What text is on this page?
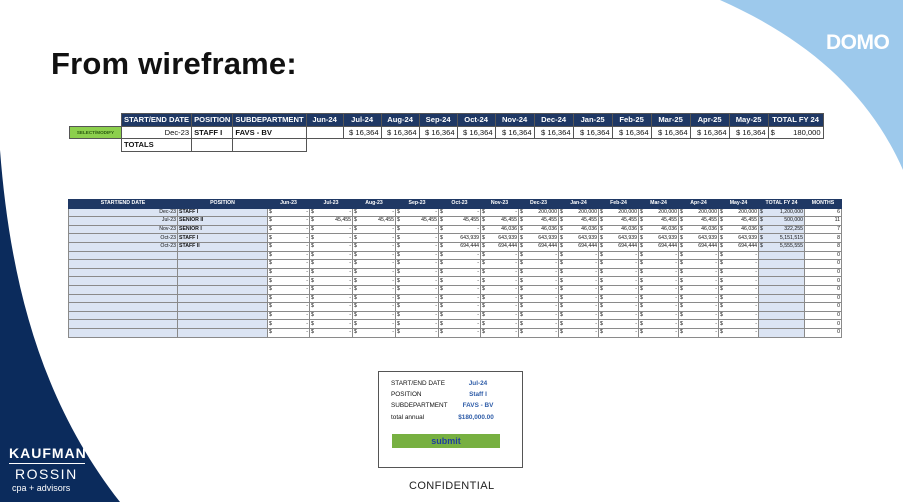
From wireframe:
DOMO
	START/END DATE	POSITION	SUBDEPARTMENT	Jun-24	Jul-24	Aug-24	Sep-24	Oct-24	Nov-24	Dec-24	Jan-25	Feb-25	Mar-25	Apr-25	May-25	TOTAL FY 24
SELECT/MODIFY	Dec-23	STAFF I	FAVS - BV		$ 16,364	$ 16,364	$ 16,364	$ 16,364	$ 16,364	$ 16,364	$ 16,364	$ 16,364	$ 16,364	$ 16,364	$ 16,364	$ 180,000

	TOTALS															
START/END DATE	POSITION	Jun-23	Jul-23	Aug-23	Sep-23	Oct-23	Nov-23	Dec-23	Jan-24	Feb-24	Mar-24	Apr-24	May-24	TOTAL FY 24	MONTHS
Dec-23	STAFF I	$ -	$ -	$ -	$ -	$ -	$ -	$ 200,000	$ 200,000	$ 200,000	$ 200,000	$ 200,000	$ 200,000	$ 1,200,000	6
Jul-23	SENIOR II	$ -	$ 45,455	$ 45,455	$ 45,455	$ 45,455	$ 45,455	$ 45,455	$ 45,455	$ 45,455	$ 45,455	$ 45,455	$ 45,455	$ 500,000	11
Nov-23	SENIOR I	$ -	$ -	$ -	$ -	$ -	$ 46,036	$ 46,036	$ 46,036	$ 46,036	$ 46,036	$ 46,036	$ 46,036	$ 322,255	7
Oct-23	STAFF I	$ -	$ -	$ -	$ -	$ 643,939	$ 643,939	$ 643,939	$ 643,939	$ 643,939	$ 643,939	$ 643,939	$ 643,939	$ 5,151,515	8
Oct-23	STAFF II	$ -	$ -	$ -	$ -	$ 694,444	$ 694,444	$ 694,444	$ 694,444	$ 694,444	$ 694,444	$ 694,444	$ 694,444	$ 5,555,555	8

		$ -	$ -	$ -	$ -	$ -	$ -	$ -	$ -	$ -	$ -	$ -	$ -		0

		$ -	$ -	$ -	$ -	$ -	$ -	$ -	$ -	$ -	$ -	$ -	$ -		0

		$ -	$ -	$ -	$ -	$ -	$ -	$ -	$ -	$ -	$ -	$ -	$ -		0

		$ -	$ -	$ -	$ -	$ -	$ -	$ -	$ -	$ -	$ -	$ -	$ -		0

		$ -	$ -	$ -	$ -	$ -	$ -	$ -	$ -	$ -	$ -	$ -	$ -		0

		$ -	$ -	$ -	$ -	$ -	$ -	$ -	$ -	$ -	$ -	$ -	$ -		0

		$ -	$ -	$ -	$ -	$ -	$ -	$ -	$ -	$ -	$ -	$ -	$ -		0

		$ -	$ -	$ -	$ -	$ -	$ -	$ -	$ -	$ -	$ -	$ -	$ -		0

		$ -	$ -	$ -	$ -	$ -	$ -	$ -	$ -	$ -	$ -	$ -	$ -		0

		$ -	$ -	$ -	$ -	$ -	$ -	$ -	$ -	$ -	$ -	$ -	$ -		0
START/END DATE	Jul-24
POSITION	Staff I
SUBDEPARTMENT	FAVS - BV
total annual	$180,000.00
submit
CONFIDENTIAL
KAUFMAN
ROSSIN
cpa + advisors
